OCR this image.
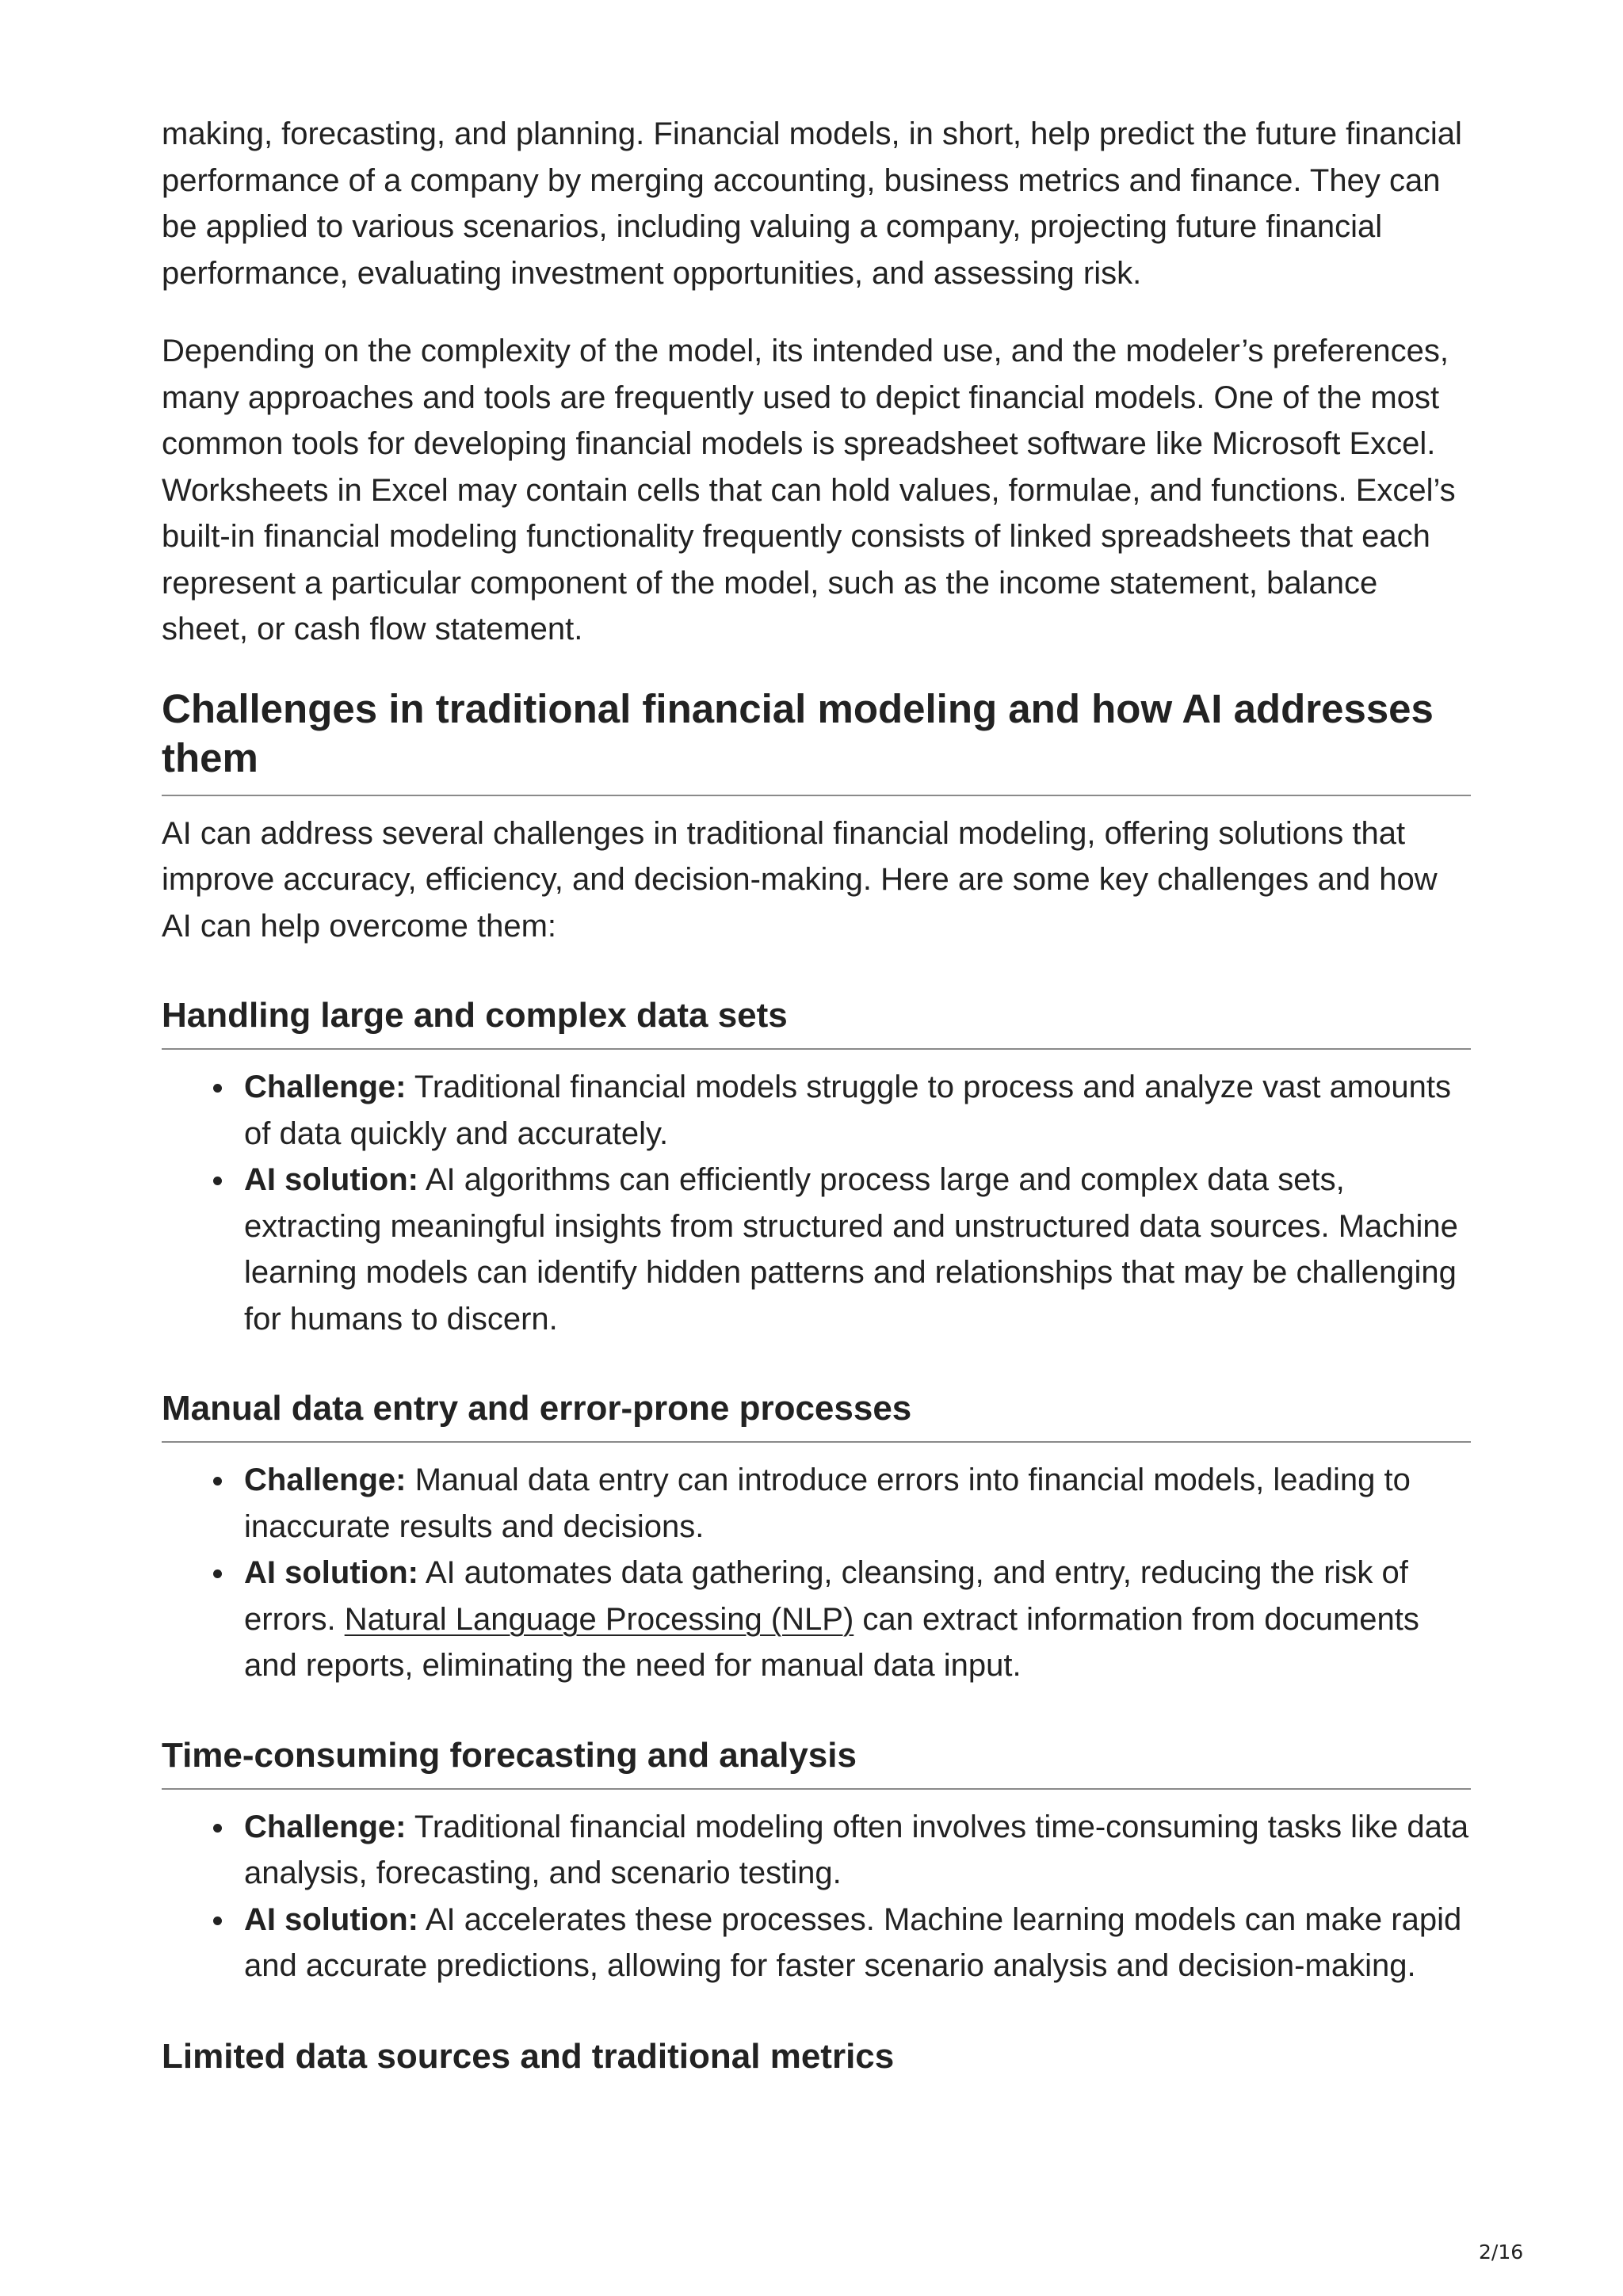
making, forecasting, and planning. Financial models, in short, help predict the future financial performance of a company by merging accounting, business metrics and finance. They can be applied to various scenarios, including valuing a company, projecting future financial performance, evaluating investment opportunities, and assessing risk.

Depending on the complexity of the model, its intended use, and the modeler’s preferences, many approaches and tools are frequently used to depict financial models. One of the most common tools for developing financial models is spreadsheet software like Microsoft Excel. Worksheets in Excel may contain cells that can hold values, formulae, and functions. Excel’s built-in financial modeling functionality frequently consists of linked spreadsheets that each represent a particular component of the model, such as the income statement, balance sheet, or cash flow statement.

Challenges in traditional financial modeling and how AI addresses them

AI can address several challenges in traditional financial modeling, offering solutions that improve accuracy, efficiency, and decision-making. Here are some key challenges and how AI can help overcome them:

Handling large and complex data sets
Challenge: Traditional financial models struggle to process and analyze vast amounts of data quickly and accurately.
AI solution: AI algorithms can efficiently process large and complex data sets, extracting meaningful insights from structured and unstructured data sources. Machine learning models can identify hidden patterns and relationships that may be challenging for humans to discern.
Manual data entry and error-prone processes
Challenge: Manual data entry can introduce errors into financial models, leading to inaccurate results and decisions.
AI solution: AI automates data gathering, cleansing, and entry, reducing the risk of errors. Natural Language Processing (NLP) can extract information from documents and reports, eliminating the need for manual data input.
Time-consuming forecasting and analysis
Challenge: Traditional financial modeling often involves time-consuming tasks like data analysis, forecasting, and scenario testing.
AI solution: AI accelerates these processes. Machine learning models can make rapid and accurate predictions, allowing for faster scenario analysis and decision-making.
Limited data sources and traditional metrics
2/16
